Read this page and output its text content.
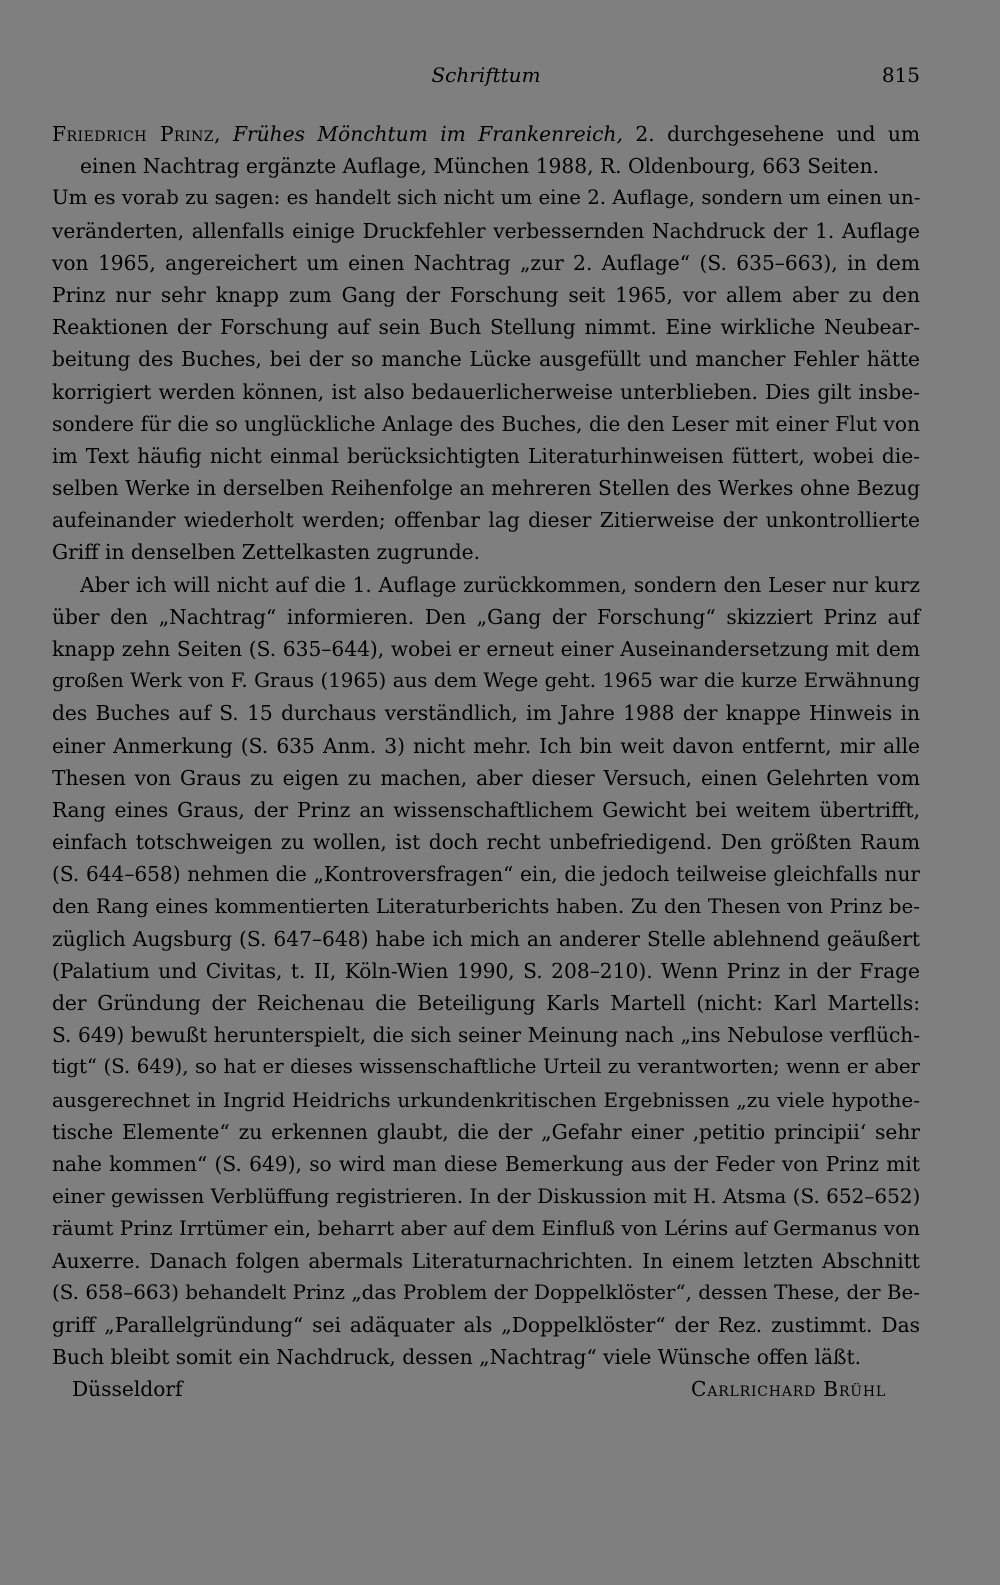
Schrifttum	815
Friedrich Prinz, Frühes Mönchtum im Frankenreich, 2. durchgesehene und um
einen Nachtrag ergänzte Auflage, München 1988, R. Oldenbourg, 663 Seiten.
Um es vorab zu sagen: es handelt sich nicht um eine 2. Auflage, sondern um einen un-
veränderten, allenfalls einige Druckfehler verbessernden Nachdruck der 1. Auflage
von 1965, angereichert um einen Nachtrag „zur 2. Auflage“ (S. 635–663), in dem
Prinz nur sehr knapp zum Gang der Forschung seit 1965, vor allem aber zu den
Reaktionen der Forschung auf sein Buch Stellung nimmt. Eine wirkliche Neubear-
beitung des Buches, bei der so manche Lücke ausgefüllt und mancher Fehler hätte
korrigiert werden können, ist also bedauerlicherweise unterblieben. Dies gilt insbe-
sondere für die so unglückliche Anlage des Buches, die den Leser mit einer Flut von
im Text häufig nicht einmal berücksichtigten Literaturhinweisen füttert, wobei die-
selben Werke in derselben Reihenfolge an mehreren Stellen des Werkes ohne Bezug
aufeinander wiederholt werden; offenbar lag dieser Zitierweise der unkontrollierte
Griff in denselben Zettelkasten zugrunde.
Aber ich will nicht auf die 1. Auflage zurückkommen, sondern den Leser nur kurz
über den „Nachtrag“ informieren. Den „Gang der Forschung“ skizziert Prinz auf
knapp zehn Seiten (S. 635–644), wobei er erneut einer Auseinandersetzung mit dem
großen Werk von F. Graus (1965) aus dem Wege geht. 1965 war die kurze Erwähnung
des Buches auf S. 15 durchaus verständlich, im Jahre 1988 der knappe Hinweis in
einer Anmerkung (S. 635 Anm. 3) nicht mehr. Ich bin weit davon entfernt, mir alle
Thesen von Graus zu eigen zu machen, aber dieser Versuch, einen Gelehrten vom
Rang eines Graus, der Prinz an wissenschaftlichem Gewicht bei weitem übertrifft,
einfach totschweigen zu wollen, ist doch recht unbefriedigend. Den größten Raum
(S. 644–658) nehmen die „Kontroversfragen“ ein, die jedoch teilweise gleichfalls nur
den Rang eines kommentierten Literaturberichts haben. Zu den Thesen von Prinz be-
züglich Augsburg (S. 647–648) habe ich mich an anderer Stelle ablehnend geäußert
(Palatium und Civitas, t. II, Köln-Wien 1990, S. 208–210). Wenn Prinz in der Frage
der Gründung der Reichenau die Beteiligung Karls Martell (nicht: Karl Martells:
S. 649) bewußt herunterspielt, die sich seiner Meinung nach „ins Nebulose verflüch-
tigt“ (S. 649), so hat er dieses wissenschaftliche Urteil zu verantworten; wenn er aber
ausgerechnet in Ingrid Heidrichs urkundenkritischen Ergebnissen „zu viele hypothe-
tische Elemente“ zu erkennen glaubt, die der „Gefahr einer ‚petitio principii‘ sehr
nahe kommen“ (S. 649), so wird man diese Bemerkung aus der Feder von Prinz mit
einer gewissen Verblüffung registrieren. In der Diskussion mit H. Atsma (S. 652–652)
räumt Prinz Irrtümer ein, beharrt aber auf dem Einfluß von Lérins auf Germanus von
Auxerre. Danach folgen abermals Literaturnachrichten. In einem letzten Abschnitt
(S. 658–663) behandelt Prinz „das Problem der Doppelklöster“, dessen These, der Be-
griff „Parallelgründung“ sei adäquater als „Doppelklöster“ der Rez. zustimmt. Das
Buch bleibt somit ein Nachdruck, dessen „Nachtrag“ viele Wünsche offen läßt.
Düsseldorf	Carlrichard Brühl
